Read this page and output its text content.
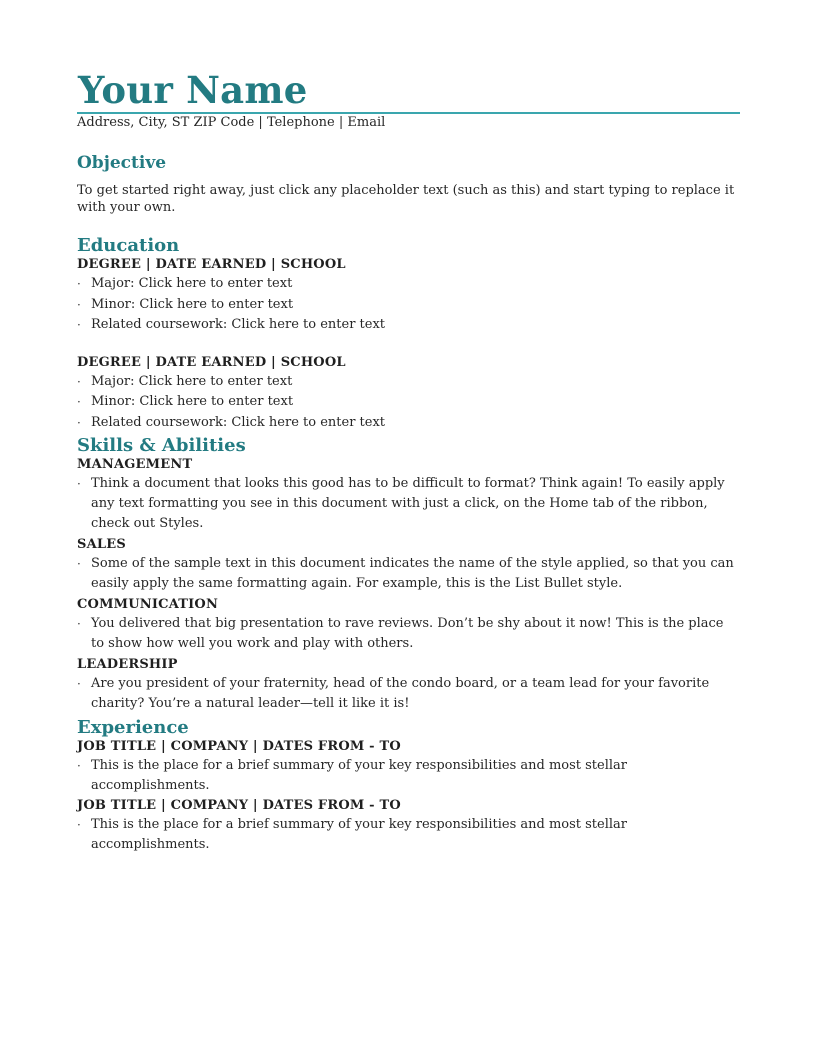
Your Name
Address, City, ST ZIP Code | Telephone | Email
Objective
To get started right away, just click any placeholder text (such as this) and start typing to replace it with your own.
Education
DEGREE | DATE EARNED | SCHOOL
· Major: Click here to enter text
· Minor: Click here to enter text
· Related coursework: Click here to enter text
DEGREE | DATE EARNED | SCHOOL
· Major: Click here to enter text
· Minor: Click here to enter text
· Related coursework: Click here to enter text
Skills & Abilities
MANAGEMENT
· Think a document that looks this good has to be difficult to format? Think again! To easily apply any text formatting you see in this document with just a click, on the Home tab of the ribbon, check out Styles.
SALES
· Some of the sample text in this document indicates the name of the style applied, so that you can easily apply the same formatting again. For example, this is the List Bullet style.
COMMUNICATION
· You delivered that big presentation to rave reviews. Don’t be shy about it now! This is the place to show how well you work and play with others.
LEADERSHIP
· Are you president of your fraternity, head of the condo board, or a team lead for your favorite charity? You’re a natural leader—tell it like it is!
Experience
JOB TITLE | COMPANY | DATES FROM - TO
· This is the place for a brief summary of your key responsibilities and most stellar accomplishments.
JOB TITLE | COMPANY | DATES FROM - TO
· This is the place for a brief summary of your key responsibilities and most stellar accomplishments.
